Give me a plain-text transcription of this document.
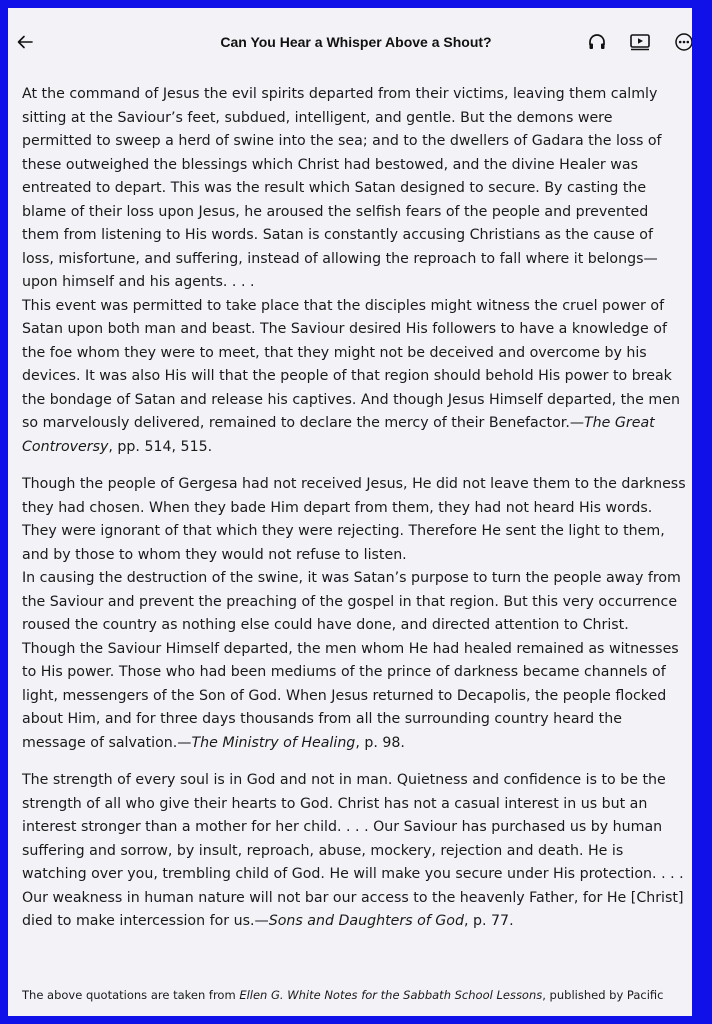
Can You Hear a Whisper Above a Shout?

At the command of Jesus the evil spirits departed from their victims, leaving them calmly sitting at the Saviour’s feet, subdued, intelligent, and gentle. But the demons were permitted to sweep a herd of swine into the sea; and to the dwellers of Gadara the loss of these outweighed the blessings which Christ had bestowed, and the divine Healer was entreated to depart. This was the result which Satan designed to secure. By casting the blame of their loss upon Jesus, he aroused the selfish fears of the people and prevented them from listening to His words. Satan is constantly accusing Christians as the cause of loss, misfortune, and suffering, instead of allowing the reproach to fall where it belongs—upon himself and his agents. . . .

This event was permitted to take place that the disciples might witness the cruel power of Satan upon both man and beast. The Saviour desired His followers to have a knowledge of the foe whom they were to meet, that they might not be deceived and overcome by his devices. It was also His will that the people of that region should behold His power to break the bondage of Satan and release his captives. And though Jesus Himself departed, the men so marvelously delivered, remained to declare the mercy of their Benefactor.—The Great Controversy, pp. 514, 515.

Though the people of Gergesa had not received Jesus, He did not leave them to the darkness they had chosen. When they bade Him depart from them, they had not heard His words. They were ignorant of that which they were rejecting. Therefore He sent the light to them, and by those to whom they would not refuse to listen.

In causing the destruction of the swine, it was Satan’s purpose to turn the people away from the Saviour and prevent the preaching of the gospel in that region. But this very occurrence roused the country as nothing else could have done, and directed attention to Christ. Though the Saviour Himself departed, the men whom He had healed remained as witnesses to His power. Those who had been mediums of the prince of darkness became channels of light, messengers of the Son of God. When Jesus returned to Decapolis, the people flocked about Him, and for three days thousands from all the surrounding country heard the message of salvation.—The Ministry of Healing, p. 98.

The strength of every soul is in God and not in man. Quietness and confidence is to be the strength of all who give their hearts to God. Christ has not a casual interest in us but an interest stronger than a mother for her child. . . . Our Saviour has purchased us by human suffering and sorrow, by insult, reproach, abuse, mockery, rejection and death. He is watching over you, trembling child of God. He will make you secure under His protection. . . . Our weakness in human nature will not bar our access to the heavenly Father, for He [Christ] died to make intercession for us.—Sons and Daughters of God, p. 77.

The above quotations are taken from Ellen G. White Notes for the Sabbath School Lessons, published by Pacific
